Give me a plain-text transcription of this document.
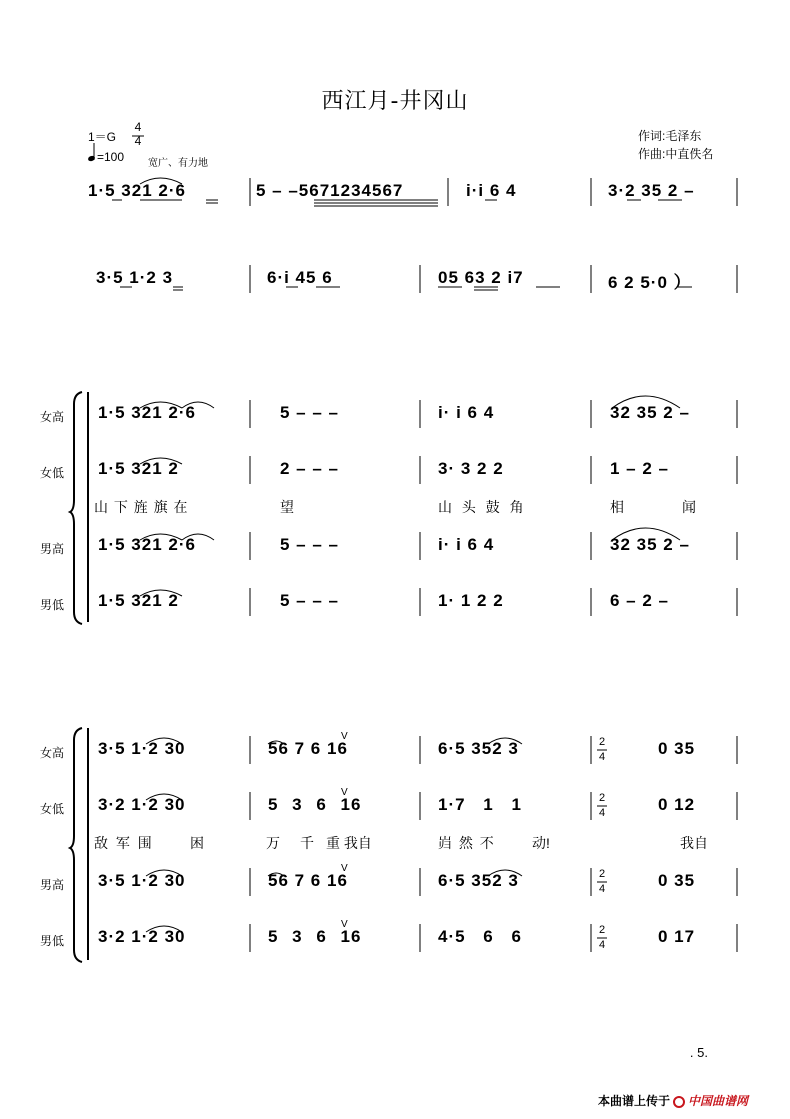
西江月-井冈山
1＝G
4
4
=100 宽广、有力地
作词:毛泽东
作曲:中直佚名
1·5 321 2·6	5 – –5671234567	i·i 6 4	3·2 35 2 –
3·5 1·2 3	6·i 45 6	05 63 2 i7	6 2 5·0 ）
女高
女低
男高
男低
1·5 321 2·6	5 – – –	i· i 6 4	32 35 2 –
1·5 321 2	2 – – –	3· 3 2 2	1 – 2 –
山 下 旌 旗 在	望	山 头 鼓 角	相	闻
1·5 321 2·6	5 – – –	i· i 6 4	32 35 2 –
1·5 321 2	5 – – –	1· 1 2 2	6 – 2 –
女高
女低
男高
男低
3·5 1·2 30	56 7 6 16	6·5 352 3	0 35
3·2 1·2 30	5 3 6 16	1·7 1 1	0 12
敌 军 围	困	万 千 重 我自	岿 然 不	动!	我自
3·5 1·2 30	56 7 6 16	6·5 352 3	0 35
3·2 1·2 30	5 3 6 16	4·5 6 6	0 17
V
V
V
V
2
4
2
4
2
4
2
4
. 5.
本曲谱上传于 中国曲谱网
